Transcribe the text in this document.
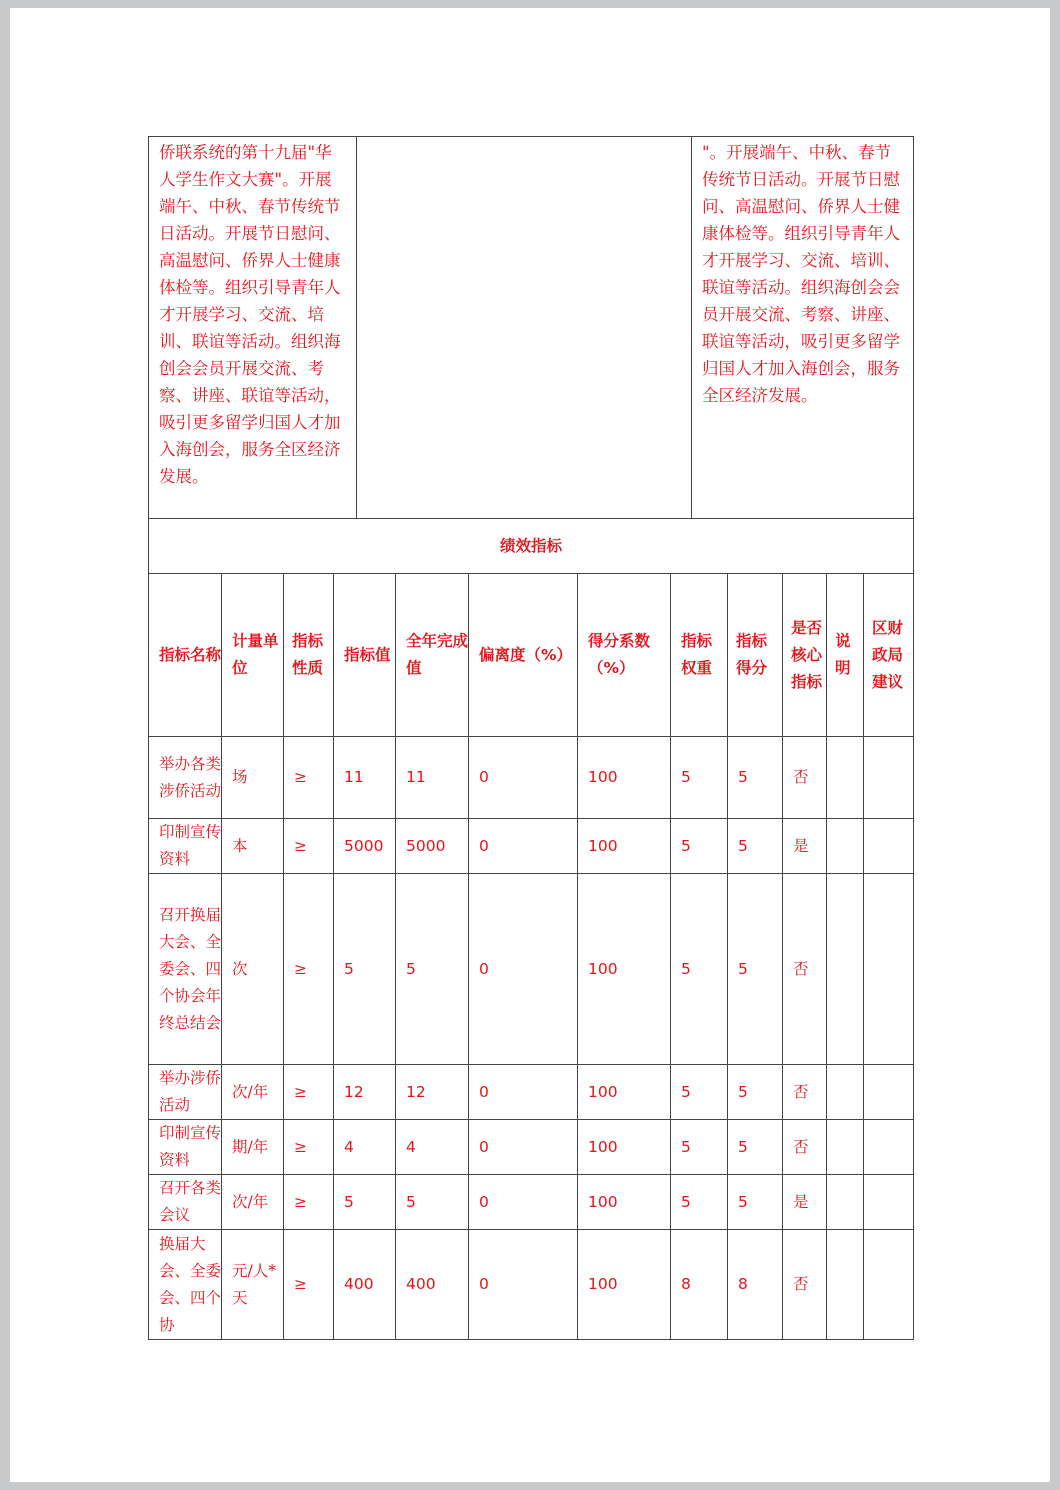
侨联系统的第十九届"华人学生作文大赛"。开展端午、中秋、春节传统节日活动。开展节日慰问、高温慰问、侨界人士健康体检等。组织引导青年人才开展学习、交流、培训、联谊等活动。组织海创会会员开展交流、考察、讲座、联谊等活动，吸引更多留学归国人才加入海创会，服务全区经济发展。		"。开展端午、中秋、春节传统节日活动。开展节日慰问、高温慰问、侨界人士健康体检等。组织引导青年人才开展学习、交流、培训、联谊等活动。组织海创会会员开展交流、考察、讲座、联谊等活动，吸引更多留学归国人才加入海创会，服务全区经济发展。
绩效指标											
指标名称	计量单位	指标性质	指标值	全年完成值	偏离度（%）	得分系数（%）	指标权重	指标得分	是否核心指标	说明	区财政局建议
举办各类涉侨活动	场	≥	11	11	0	100	5	5	否		
印制宣传资料	本	≥	5000	5000	0	100	5	5	是		
召开换届大会、全委会、四个协会年终总结会	次	≥	5	5	0	100	5	5	否		
举办涉侨活动	次/年	≥	12	12	0	100	5	5	否		
印制宣传资料	期/年	≥	4	4	0	100	5	5	否		
召开各类会议	次/年	≥	5	5	0	100	5	5	是		
换届大会、全委会、四个协	元/人*天	≥	400	400	0	100	8	8	否		
